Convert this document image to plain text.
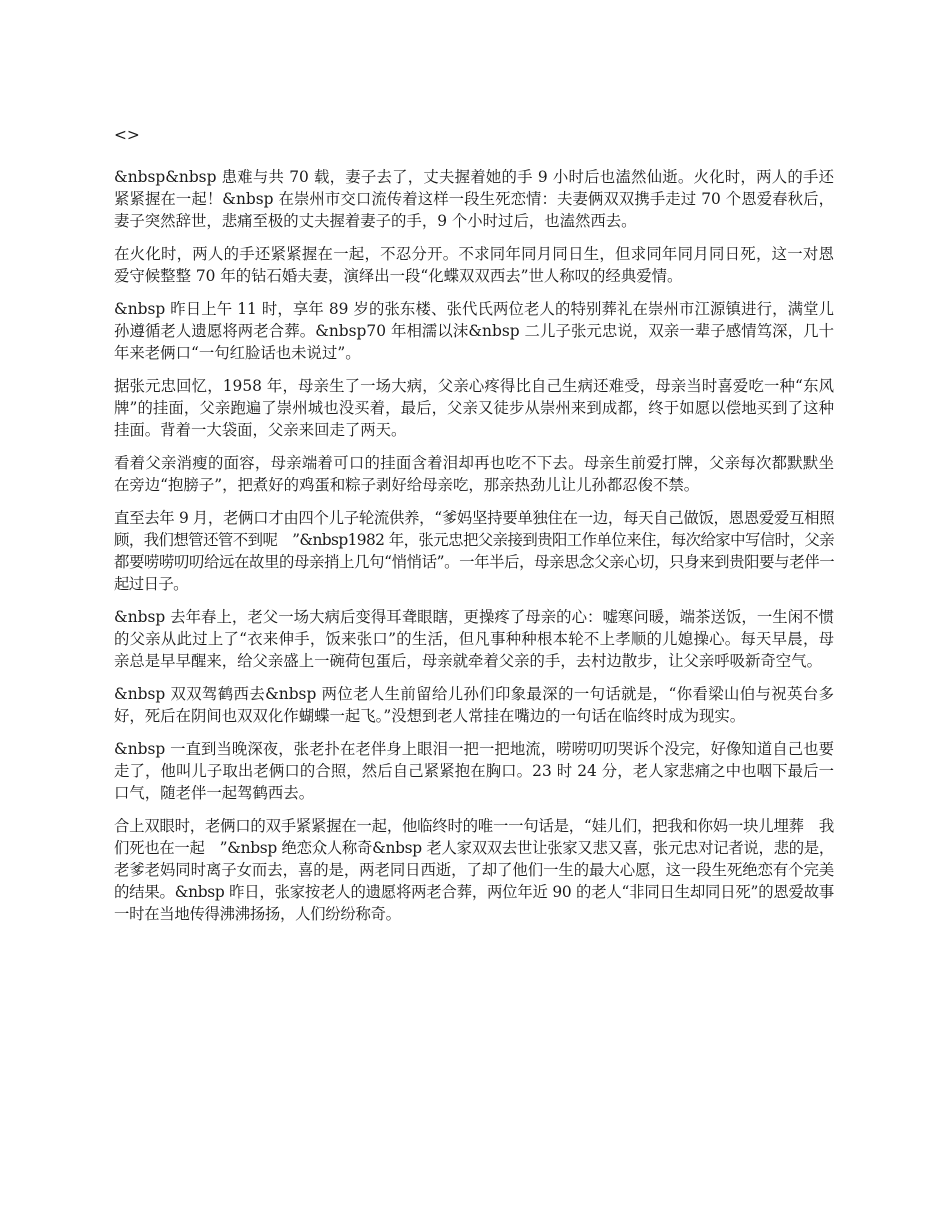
<>

&nbsp&nbsp 患难与共 70 载，妻子去了，丈夫握着她的手 9 小时后也溘然仙逝。火化时，两人的手还紧紧握在一起！&nbsp 在崇州市交口流传着这样一段生死恋情：夫妻俩双双携手走过 70 个恩爱春秋后，妻子突然辞世，悲痛至极的丈夫握着妻子的手，9 个小时过后，也溘然西去。

在火化时，两人的手还紧紧握在一起，不忍分开。不求同年同月同日生，但求同年同月同日死，这一对恩爱守候整整 70 年的钻石婚夫妻，演绎出一段“化蝶双双西去”世人称叹的经典爱情。

&nbsp 昨日上午 11 时，享年 89 岁的张东楼、张代氏两位老人的特别葬礼在崇州市江源镇进行，满堂儿孙遵循老人遗愿将两老合葬。&nbsp70 年相濡以沫&nbsp 二儿子张元忠说，双亲一辈子感情笃深，几十年来老俩口“一句红脸话也未说过”。

据张元忠回忆，1958 年，母亲生了一场大病，父亲心疼得比自己生病还难受，母亲当时喜爱吃一种“东风牌”的挂面，父亲跑遍了崇州城也没买着，最后，父亲又徒步从崇州来到成都，终于如愿以偿地买到了这种挂面。背着一大袋面，父亲来回走了两天。

看着父亲消瘦的面容，母亲端着可口的挂面含着泪却再也吃不下去。母亲生前爱打牌，父亲每次都默默坐在旁边“抱膀子”，把煮好的鸡蛋和粽子剥好给母亲吃，那亲热劲儿让儿孙都忍俊不禁。

直至去年 9 月，老俩口才由四个儿子轮流供养，“爹妈坚持要单独住在一边，每天自己做饭，恩恩爱爱互相照顾，我们想管还管不到呢　”&nbsp1982 年，张元忠把父亲接到贵阳工作单位来住，每次给家中写信时，父亲都要唠唠叨叨给远在故里的母亲捎上几句“悄悄话”。一年半后，母亲思念父亲心切，只身来到贵阳要与老伴一起过日子。

&nbsp 去年春上，老父一场大病后变得耳聋眼瞎，更操疼了母亲的心：嘘寒问暖，端茶送饭，一生闲不惯的父亲从此过上了“衣来伸手，饭来张口”的生活，但凡事种种根本轮不上孝顺的儿媳操心。每天早晨，母亲总是早早醒来，给父亲盛上一碗荷包蛋后，母亲就牵着父亲的手，去村边散步，让父亲呼吸新奇空气。

&nbsp 双双驾鹤西去&nbsp 两位老人生前留给儿孙们印象最深的一句话就是，“你看梁山伯与祝英台多好，死后在阴间也双双化作蝴蝶一起飞。”没想到老人常挂在嘴边的一句话在临终时成为现实。

&nbsp 一直到当晚深夜，张老扑在老伴身上眼泪一把一把地流，唠唠叨叨哭诉个没完，好像知道自己也要走了，他叫儿子取出老俩口的合照，然后自己紧紧抱在胸口。23 时 24 分，老人家悲痛之中也咽下最后一口气，随老伴一起驾鹤西去。

合上双眼时，老俩口的双手紧紧握在一起，他临终时的唯一一句话是，“娃儿们，把我和你妈一块儿埋葬　我们死也在一起　”&nbsp 绝恋众人称奇&nbsp 老人家双双去世让张家又悲又喜，张元忠对记者说，悲的是，老爹老妈同时离子女而去，喜的是，两老同日西逝，了却了他们一生的最大心愿，这一段生死绝恋有个完美的结果。&nbsp 昨日，张家按老人的遗愿将两老合葬，两位年近 90 的老人“非同日生却同日死”的恩爱故事一时在当地传得沸沸扬扬，人们纷纷称奇。
